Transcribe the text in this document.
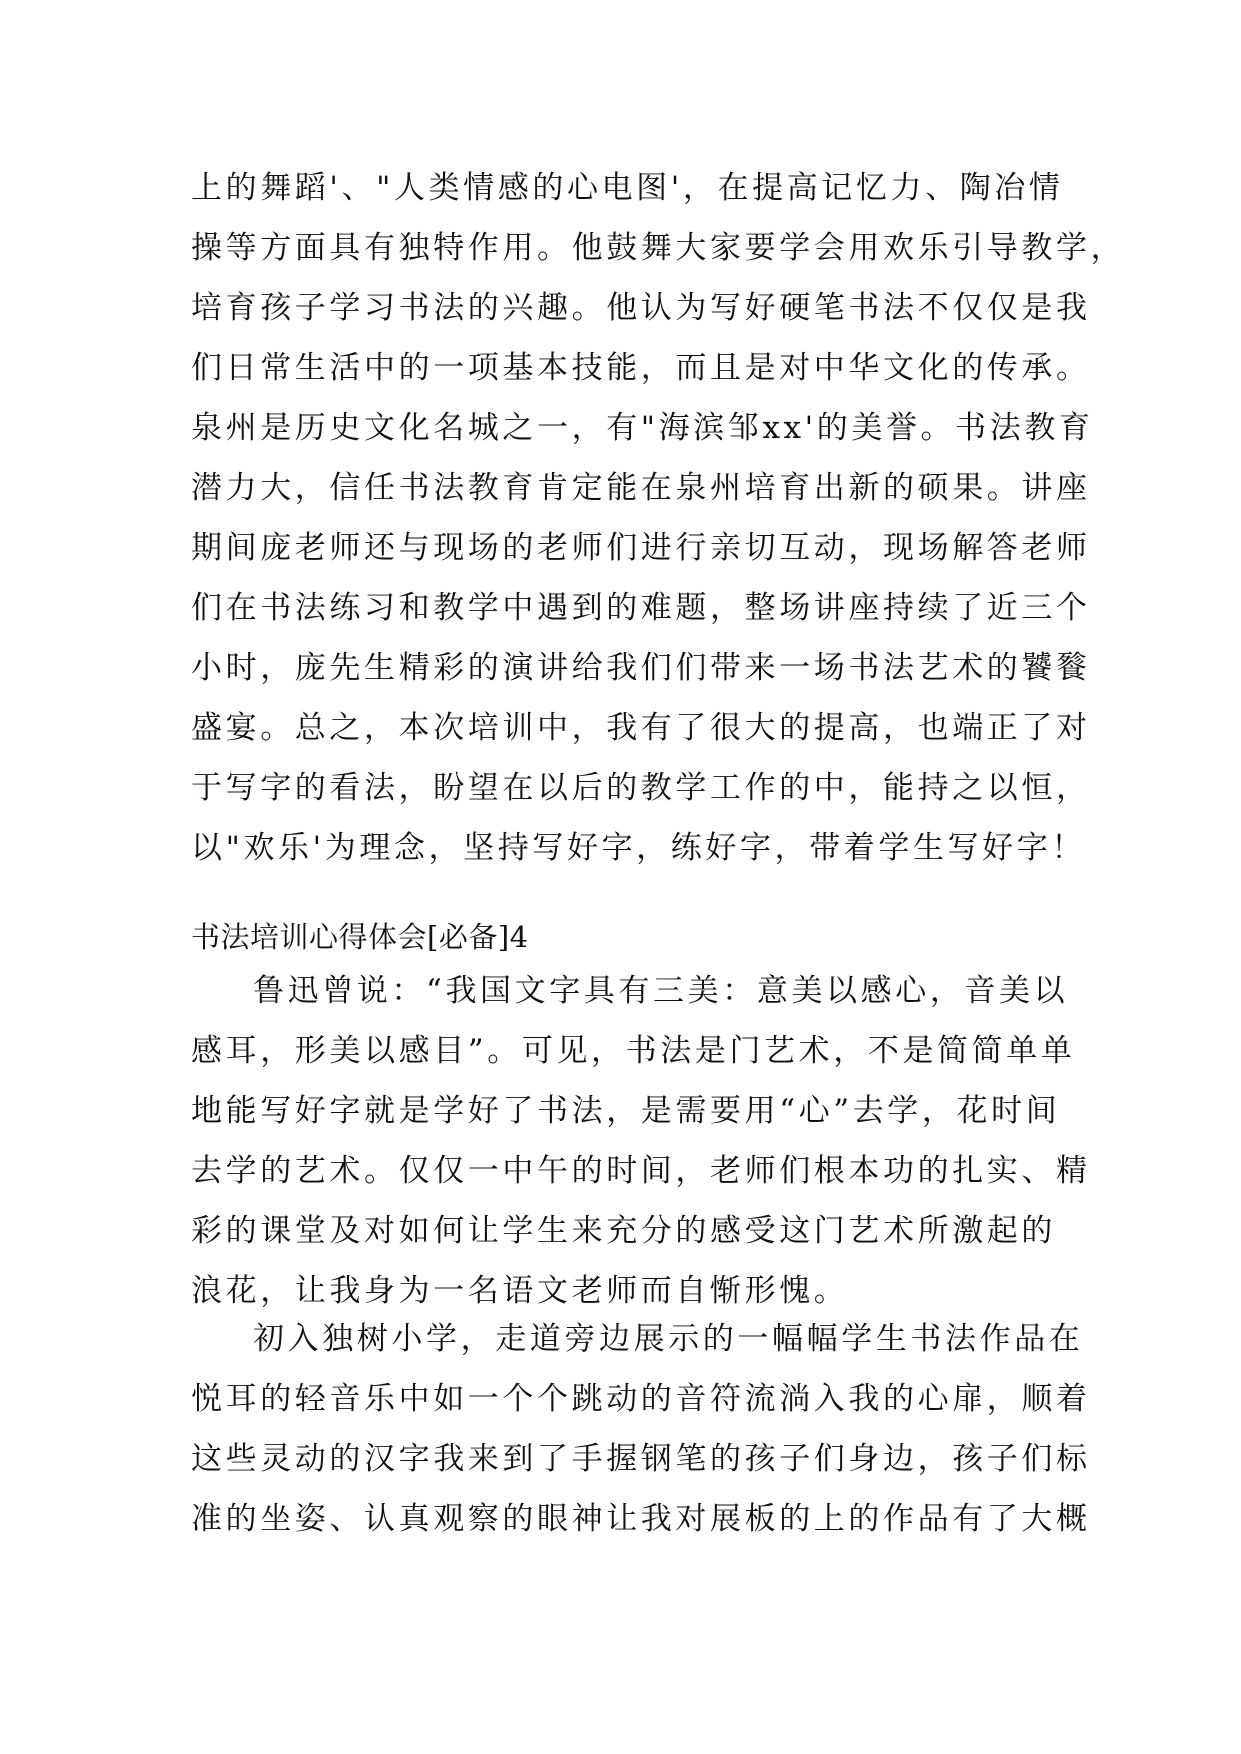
上的舞蹈'、"人类情感的心电图'，在提高记忆力、陶冶情
操等方面具有独特作用。他鼓舞大家要学会用欢乐引导教学，
培育孩子学习书法的兴趣。他认为写好硬笔书法不仅仅是我
们日常生活中的一项基本技能，而且是对中华文化的传承。
泉州是历史文化名城之一，有"海滨邹xx'的美誉。书法教育
潜力大，信任书法教育肯定能在泉州培育出新的硕果。讲座
期间庞老师还与现场的老师们进行亲切互动，现场解答老师
们在书法练习和教学中遇到的难题，整场讲座持续了近三个
小时，庞先生精彩的演讲给我们们带来一场书法艺术的饕餮
盛宴。总之，本次培训中，我有了很大的提高，也端正了对
于写字的看法，盼望在以后的教学工作的中，能持之以恒，
以"欢乐'为理念，坚持写好字，练好字，带着学生写好字！
书法培训心得体会[必备]4
鲁迅曾说：“我国文字具有三美：意美以感心，音美以
感耳，形美以感目”。可见，书法是门艺术，不是简简单单
地能写好字就是学好了书法，是需要用“心”去学，花时间
去学的艺术。仅仅一中午的时间，老师们根本功的扎实、精
彩的课堂及对如何让学生来充分的感受这门艺术所激起的
浪花，让我身为一名语文老师而自惭形愧。
初入独树小学，走道旁边展示的一幅幅学生书法作品在
悦耳的轻音乐中如一个个跳动的音符流淌入我的心扉，顺着
这些灵动的汉字我来到了手握钢笔的孩子们身边，孩子们标
准的坐姿、认真观察的眼神让我对展板的上的作品有了大概
